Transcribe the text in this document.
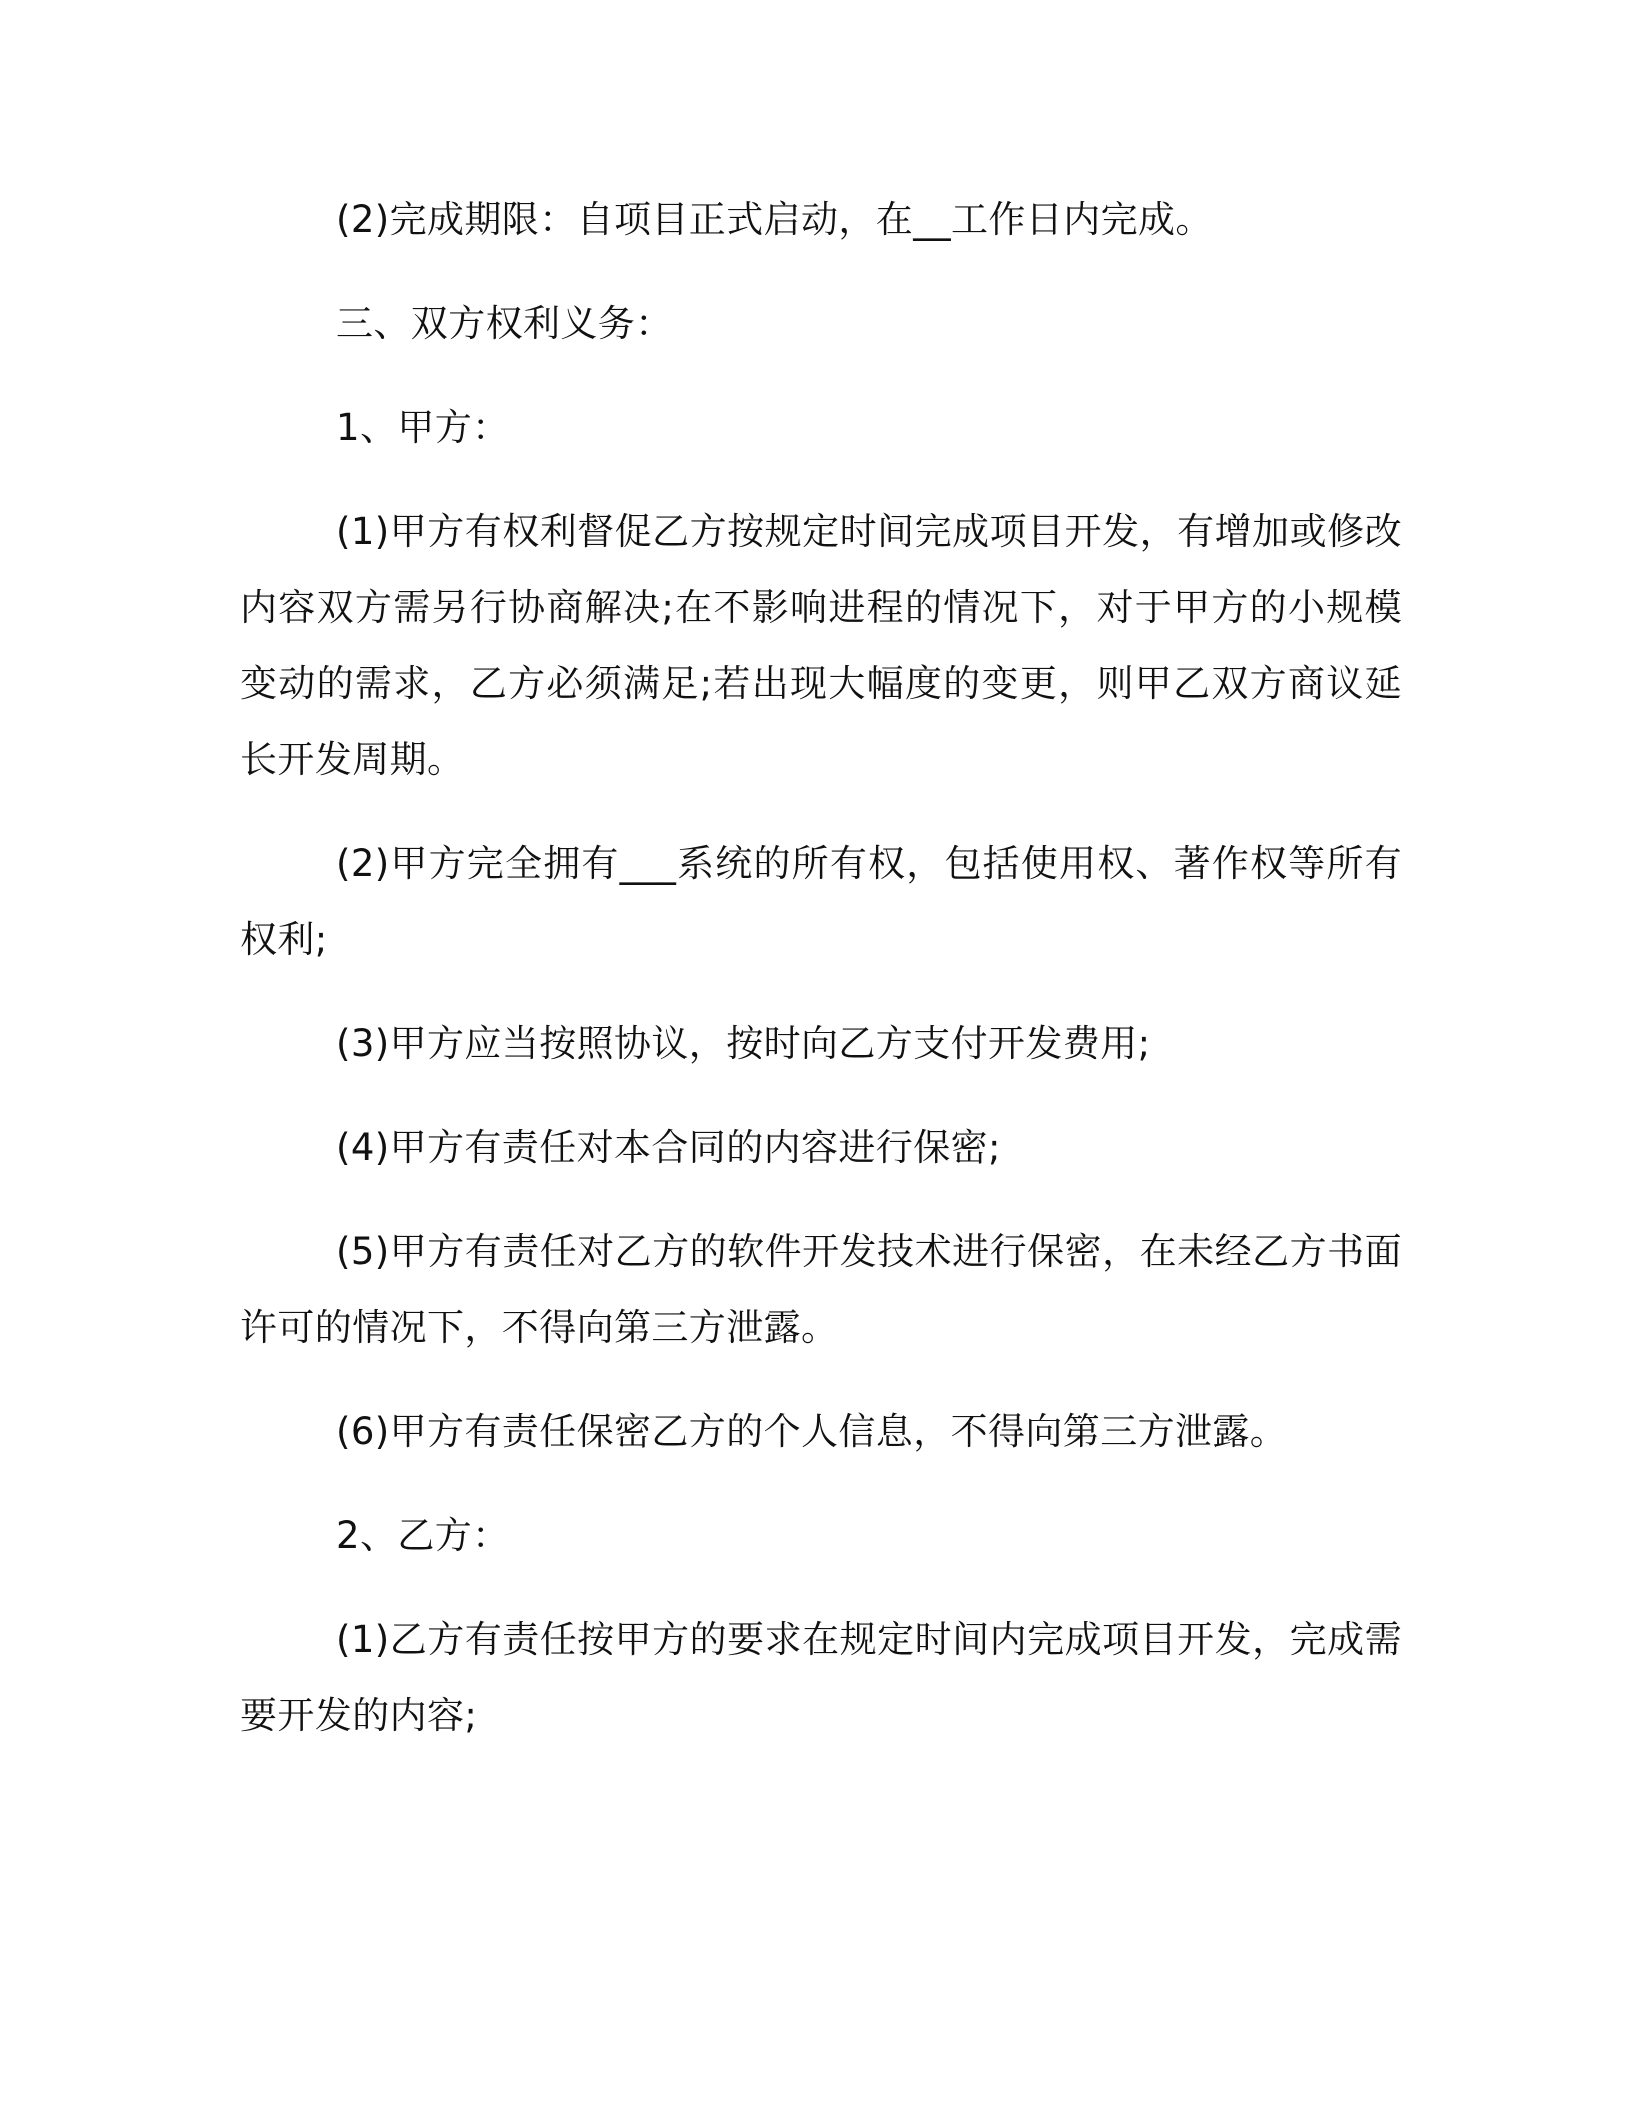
(2)完成期限：自项目正式启动，在__工作日内完成。

三、双方权利义务：

1、甲方：

(1)甲方有权利督促乙方按规定时间完成项目开发，有增加或修改内容双方需另行协商解决;在不影响进程的情况下，对于甲方的小规模变动的需求，乙方必须满足;若出现大幅度的变更，则甲乙双方商议延长开发周期。

(2)甲方完全拥有___系统的所有权，包括使用权、著作权等所有权利;

(3)甲方应当按照协议，按时向乙方支付开发费用;

(4)甲方有责任对本合同的内容进行保密;

(5)甲方有责任对乙方的软件开发技术进行保密，在未经乙方书面许可的情况下，不得向第三方泄露。

(6)甲方有责任保密乙方的个人信息，不得向第三方泄露。

2、乙方：

(1)乙方有责任按甲方的要求在规定时间内完成项目开发，完成需要开发的内容;
